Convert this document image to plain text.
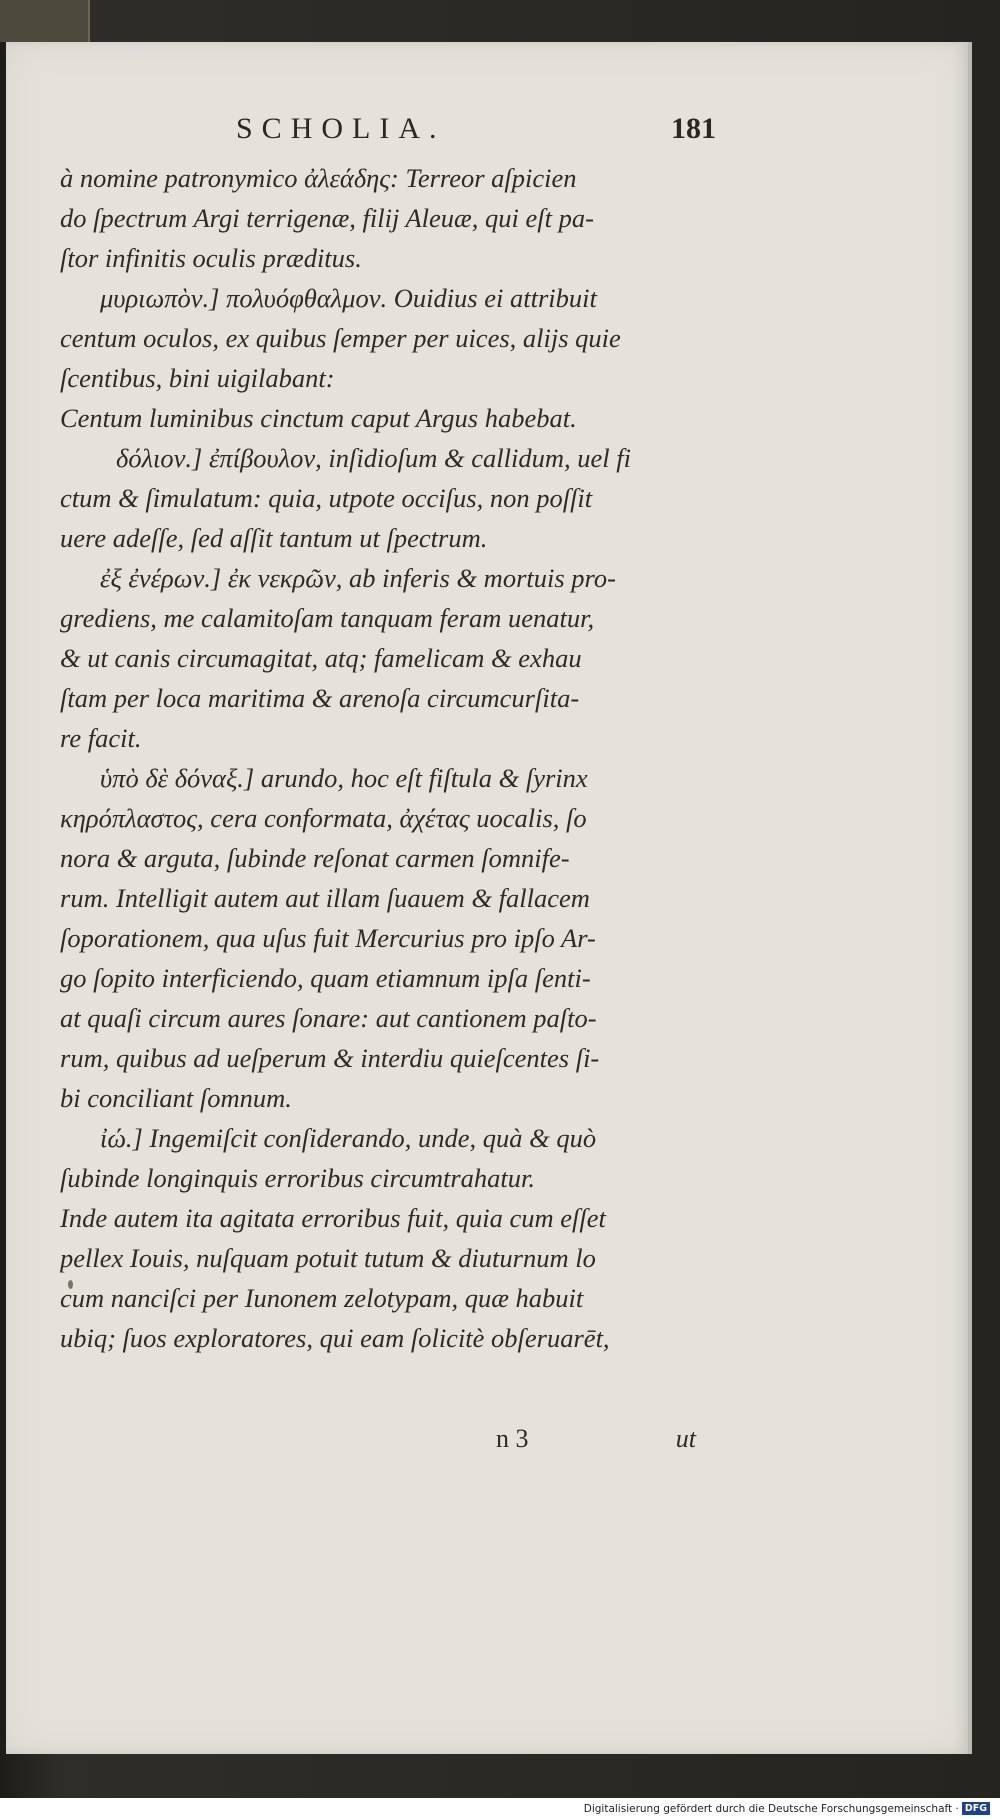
SCHOLIA.	181
à nomine patronymico ἀλεάδης: Terreor aſpicien
do ſpectrum Argi terrigenæ, filij Aleuæ, qui eſt pa-
ſtor infinitis oculis præditus.
μυριωπὸν.] πολυόφθαλμον. Ouidius ei attribuit
centum oculos, ex quibus ſemper per uices, alijs quie
ſcentibus, bini uigilabant:
Centum luminibus cinctum caput Argus habebat.
δόλιον.] ἐπίβουλον, inſidioſum & callidum, uel fi
ctum & ſimulatum: quia, utpote occiſus, non poſſit
uere adeſſe, ſed aſſit tantum ut ſpectrum.
ἐξ ἐνέρων.] ἐκ νεκρῶν, ab inferis & mortuis pro-
grediens, me calamitoſam tanquam feram uenatur,
& ut canis circumagitat, atq; famelicam & exhau
ſtam per loca maritima & arenoſa circumcurſita-
re facit.
ὑπὸ δὲ δόναξ.] arundo, hoc eſt fiſtula & ſyrinx
κηρόπλαστος, cera conformata, ἀχέτας uocalis, ſo
nora & arguta, ſubinde reſonat carmen ſomnife-
rum. Intelligit autem aut illam ſuauem & fallacem
ſoporationem, qua uſus fuit Mercurius pro ipſo Ar-
go ſopito interficiendo, quam etiamnum ipſa ſenti-
at quaſi circum aures ſonare: aut cantionem paſto-
rum, quibus ad ueſperum & interdiu quieſcentes ſi-
bi conciliant ſomnum.
ἰώ.] Ingemiſcit conſiderando, unde, quà & quò
ſubinde longinquis erroribus circumtrahatur.
Inde autem ita agitata erroribus fuit, quia cum eſſet
pellex Iouis, nuſquam potuit tutum & diuturnum lo
cum nanciſci per Iunonem zelotypam, quæ habuit
ubiq; ſuos exploratores, qui eam ſolicitè obſeruarēt,
n 3	ut
Digitalisierung gefördert durch die Deutsche Forschungsgemeinschaft · DFG
